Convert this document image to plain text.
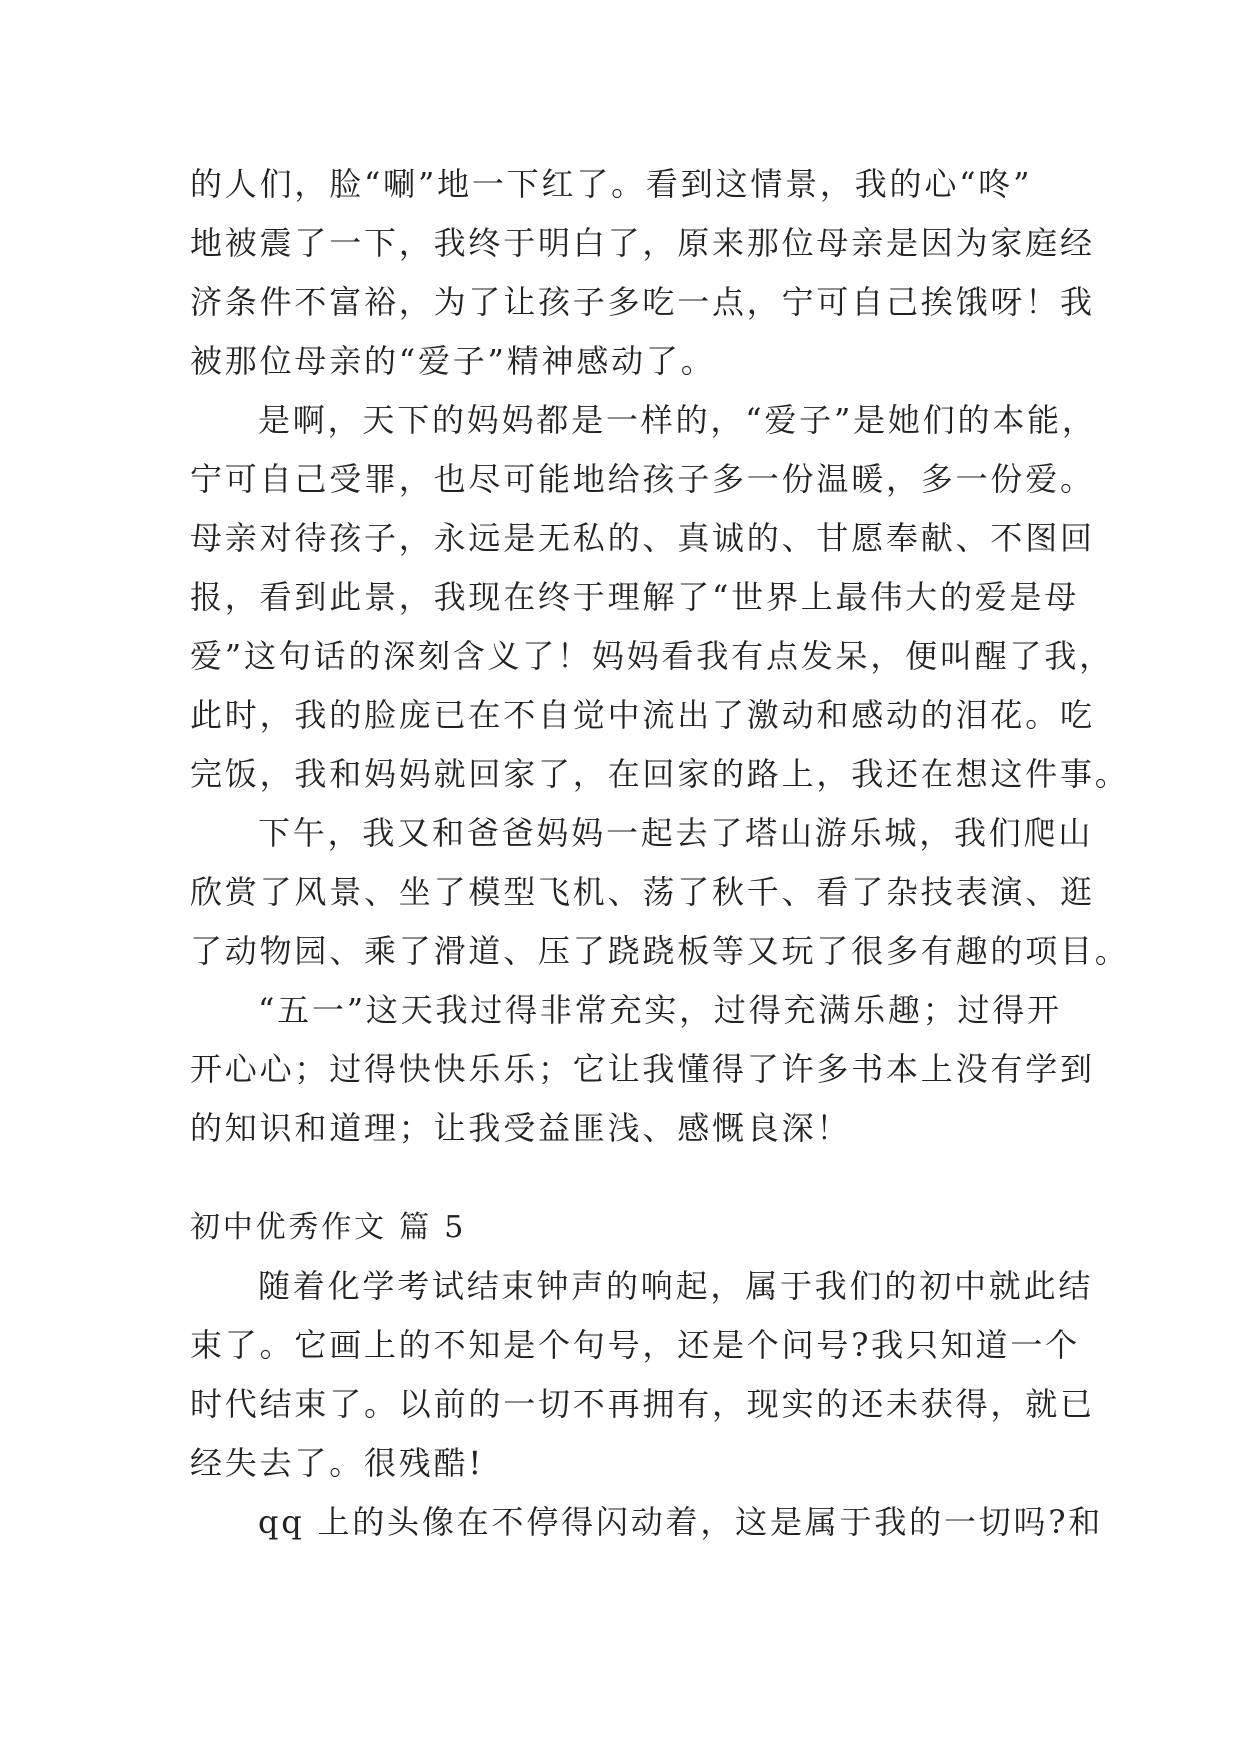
的人们，脸“唰”地一下红了。看到这情景，我的心“咚”
地被震了一下，我终于明白了，原来那位母亲是因为家庭经
济条件不富裕，为了让孩子多吃一点，宁可自己挨饿呀！我
被那位母亲的“爱子”精神感动了。
是啊，天下的妈妈都是一样的，“爱子”是她们的本能，
宁可自己受罪，也尽可能地给孩子多一份温暖，多一份爱。
母亲对待孩子，永远是无私的、真诚的、甘愿奉献、不图回
报，看到此景，我现在终于理解了“世界上最伟大的爱是母
爱”这句话的深刻含义了！妈妈看我有点发呆，便叫醒了我，
此时，我的脸庞已在不自觉中流出了激动和感动的泪花。吃
完饭，我和妈妈就回家了，在回家的路上，我还在想这件事。
下午，我又和爸爸妈妈一起去了塔山游乐城，我们爬山
欣赏了风景、坐了模型飞机、荡了秋千、看了杂技表演、逛
了动物园、乘了滑道、压了跷跷板等又玩了很多有趣的项目。
“五一”这天我过得非常充实，过得充满乐趣；过得开
开心心；过得快快乐乐；它让我懂得了许多书本上没有学到
的知识和道理；让我受益匪浅、感慨良深！
初中优秀作文 篇 5
随着化学考试结束钟声的响起，属于我们的初中就此结
束了。它画上的不知是个句号，还是个问号?我只知道一个
时代结束了。以前的一切不再拥有，现实的还未获得，就已
经失去了。很残酷!
qq 上的头像在不停得闪动着，这是属于我的一切吗?和
